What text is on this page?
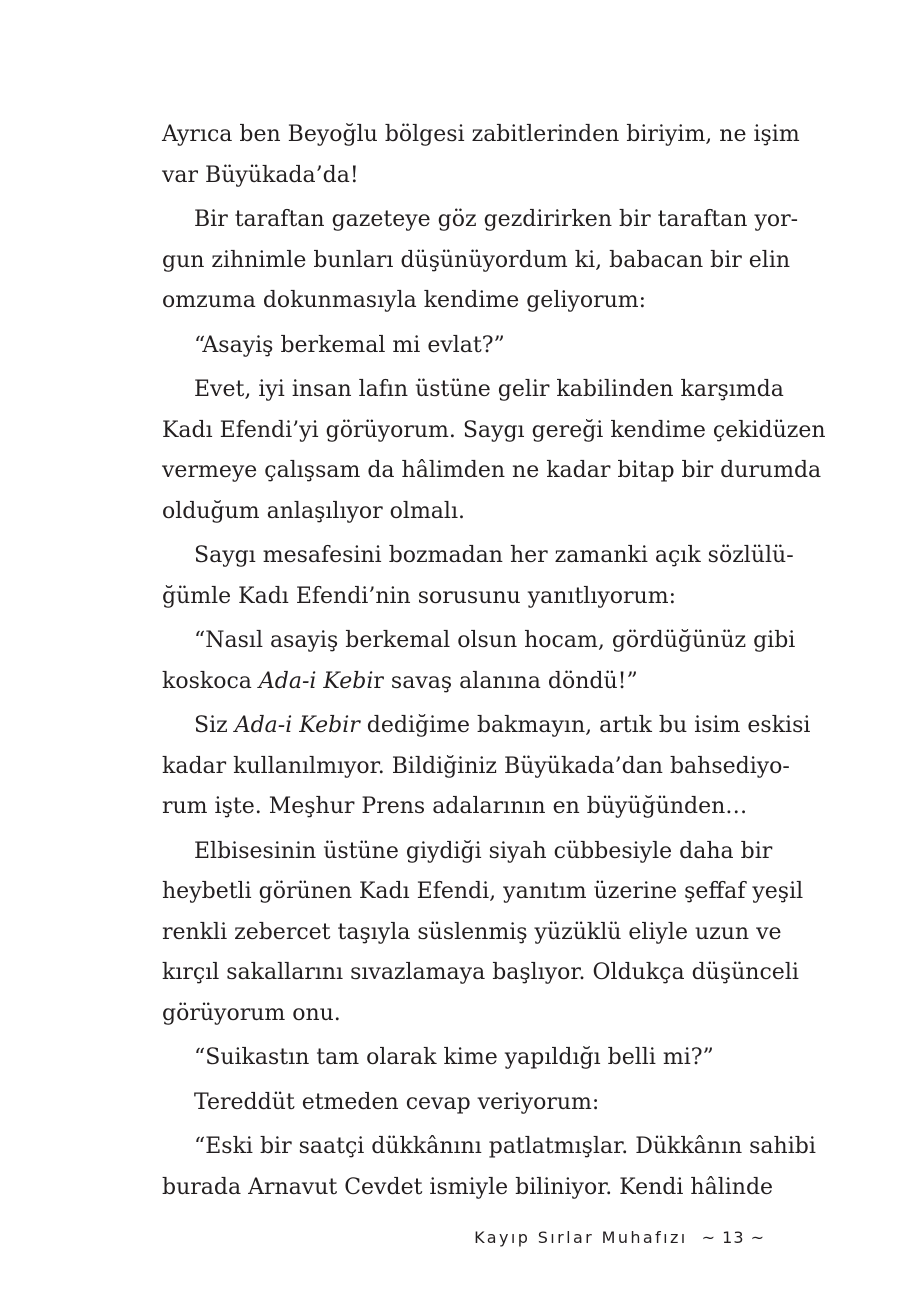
Ayrıca ben Beyoğlu bölgesi zabitlerinden biriyim, ne işim
var Büyükada’da!
Bir taraftan gazeteye göz gezdirirken bir taraftan yor-
gun zihnimle bunları düşünüyordum ki, babacan bir elin
omzuma dokunmasıyla kendime geliyorum:
“Asayiş berkemal mi evlat?”
Evet, iyi insan lafın üstüne gelir kabilinden karşımda
Kadı Efendi’yi görüyorum. Saygı gereği kendime çekidüzen
vermeye çalışsam da hâlimden ne kadar bitap bir durumda
olduğum anlaşılıyor olmalı.
Saygı mesafesini bozmadan her zamanki açık sözlülü-
ğümle Kadı Efendi’nin sorusunu yanıtlıyorum:
“Nasıl asayiş berkemal olsun hocam, gördüğünüz gibi
koskoca Ada-i Kebir savaş alanına döndü!”
Siz Ada-i Kebir dediğime bakmayın, artık bu isim eskisi
kadar kullanılmıyor. Bildiğiniz Büyükada’dan bahsediyo-
rum işte. Meşhur Prens adalarının en büyüğünden…
Elbisesinin üstüne giydiği siyah cübbesiyle daha bir
heybetli görünen Kadı Efendi, yanıtım üzerine şeffaf yeşil
renkli zebercet taşıyla süslenmiş yüzüklü eliyle uzun ve
kırçıl sakallarını sıvazlamaya başlıyor. Oldukça düşünceli
görüyorum onu.
“Suikastın tam olarak kime yapıldığı belli mi?”
Tereddüt etmeden cevap veriyorum:
“Eski bir saatçi dükkânını patlatmışlar. Dükkânın sahibi
burada Arnavut Cevdet ismiyle biliniyor. Kendi hâlinde
Kayıp Sırlar Muhafızı ~ 13 ~
